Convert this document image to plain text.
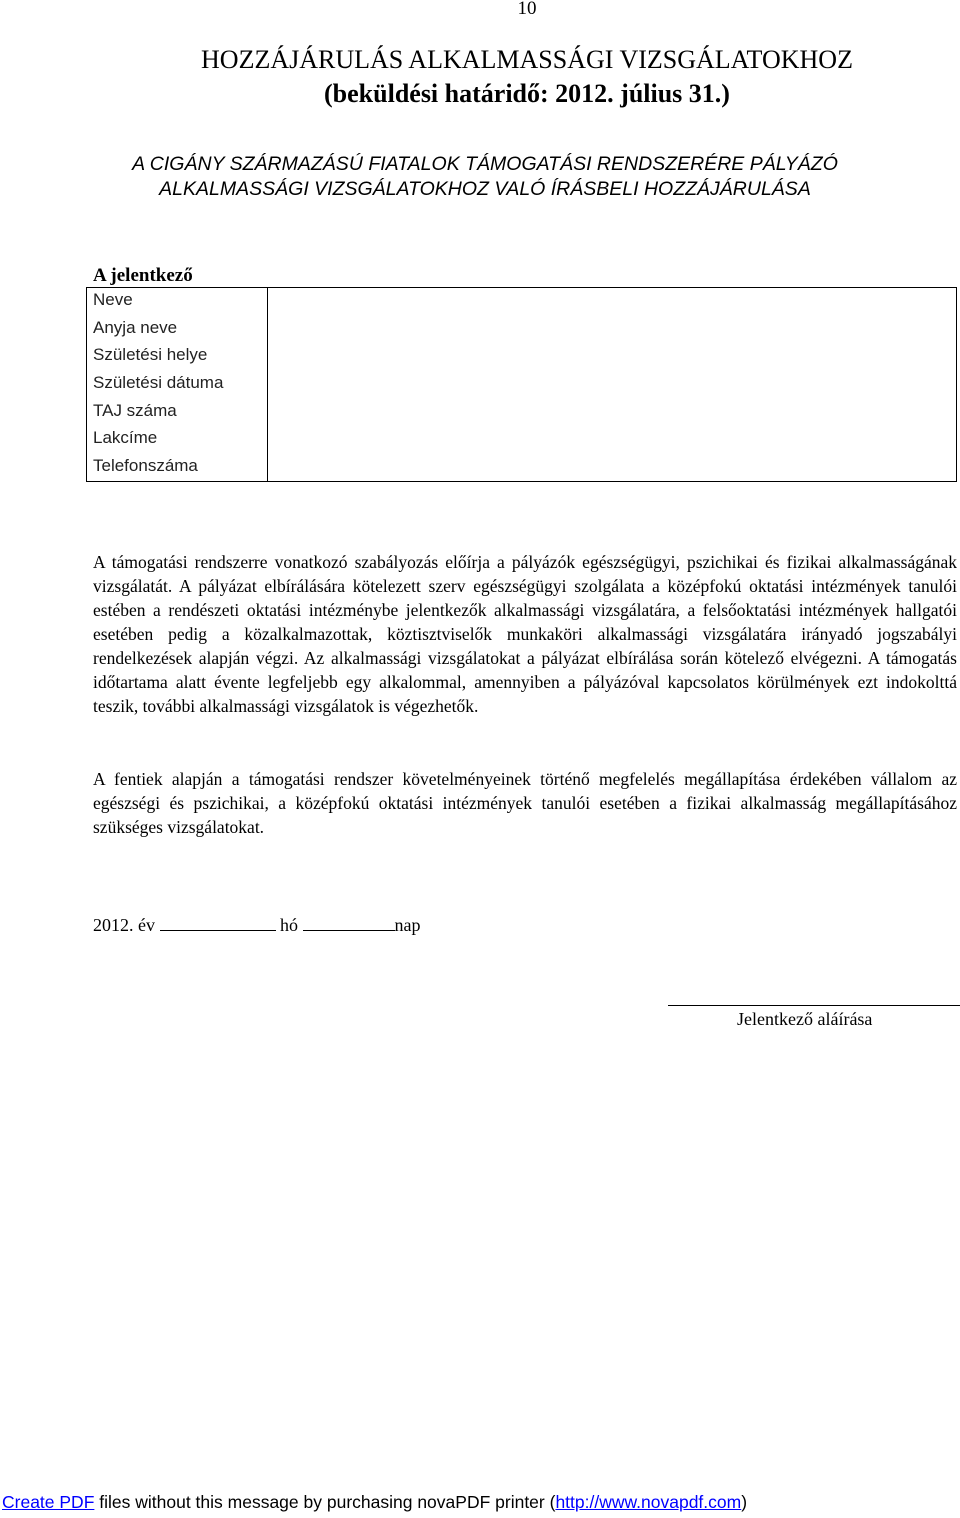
10
HOZZÁJÁRULÁS ALKALMASSÁGI VIZSGÁLATOKHOZ
(beküldési határidő: 2012. július 31.)
A CIGÁNY SZÁRMAZÁSÚ FIATALOK TÁMOGATÁSI RENDSZERÉRE PÁLYÁZÓ
ALKALMASSÁGI VIZSGÁLATOKHOZ VALÓ ÍRÁSBELI HOZZÁJÁRULÁSA
A jelentkező
Neve
Anyja neve
Születési helye
Születési dátuma
TAJ száma
Lakcíme
Telefonszáma
A támogatási rendszerre vonatkozó szabályozás előírja a pályázók egészségügyi, pszichikai és fizikai alkalmasságának vizsgálatát. A pályázat elbírálására kötelezett szerv egészségügyi szolgálata a középfokú oktatási intézmények tanulói estében a rendészeti oktatási intézménybe jelentkezők alkalmassági vizsgálatára, a felsőoktatási intézmények hallgatói esetében pedig a közalkalmazottak, köztisztviselők munkaköri alkalmassági vizsgálatára irányadó jogszabályi rendelkezések alapján végzi. Az alkalmassági vizsgálatokat a pályázat elbírálása során kötelező elvégezni. A támogatás időtartama alatt évente legfeljebb egy alkalommal, amennyiben a pályázóval kapcsolatos körülmények ezt indokolttá teszik, további alkalmassági vizsgálatok is végezhetők.
A fentiek alapján a támogatási rendszer követelményeinek történő megfelelés megállapítása érdekében vállalom az egészségi és pszichikai, a középfokú oktatási intézmények tanulói esetében a fizikai alkalmasság megállapításához szükséges vizsgálatokat.
2012. év	hó	nap
Jelentkező aláírása
Create PDF files without this message by purchasing novaPDF printer (http://www.novapdf.com)
